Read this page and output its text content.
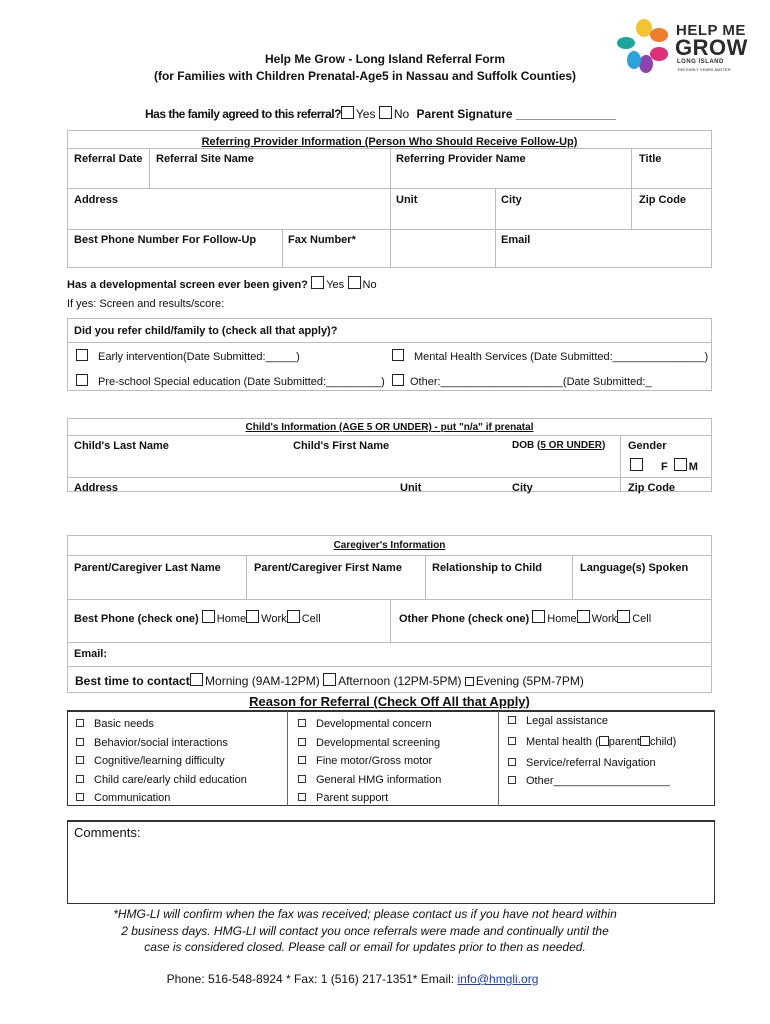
Help Me Grow - Long Island Referral Form
(for Families with Children Prenatal-Age5 in Nassau and Suffolk Counties)
HELP ME
GROW
LONG ISLAND
THE EARLY YEARS MATTER
Has the family agreed to this referral? Yes No Parent Signature _______________
Referring Provider Information (Person Who Should Receive Follow-Up)
Referral Date Referral Site Name	Referring Provider Name	Title
Address	Unit	City	Zip Code
Best Phone Number For Follow-Up	Fax Number*	Email
Has a developmental screen ever been given? Yes No
If yes: Screen and results/score:
Did you refer child/family to (check all that apply)?
Early intervention(Date Submitted:_____)	Mental Health Services (Date Submitted:_______________)
Pre-school Special education (Date Submitted:_________)	Other:____________________(Date Submitted:_
Child's Information (AGE 5 OR UNDER) - put "n/a" if prenatal
Child's Last Name	Child's First Name	DOB (5 OR UNDER) Gender
F M
Address	Unit	City	Zip Code
Caregiver's Information
Parent/Caregiver Last Name	Parent/Caregiver First Name	Relationship to Child	Language(s) Spoken
Best Phone (check one) Home Work Cell	Other Phone (check one) Home Work Cell
Email:
Best time to contact Morning (9AM-12PM) Afternoon (12PM-5PM) Evening (5PM-7PM)
Reason for Referral (Check Off All that Apply)
Basic needs
Behavior/social interactions
Cognitive/learning difficulty
Child care/early child education
Communication
Developmental concern
Developmental screening
Fine motor/Gross motor
General HMG information
Parent support
Legal assistance
Mental health ( parent child)
Service/referral Navigation
Other___________________
Comments:
*HMG-LI will confirm when the fax was received; please contact us if you have not heard within
2 business days. HMG-LI will contact you once referrals were made and continually until the
case is considered closed. Please call or email for updates prior to then as needed.
Phone: 516-548-8924 * Fax: 1 (516) 217-1351* Email: info@hmgli.org
